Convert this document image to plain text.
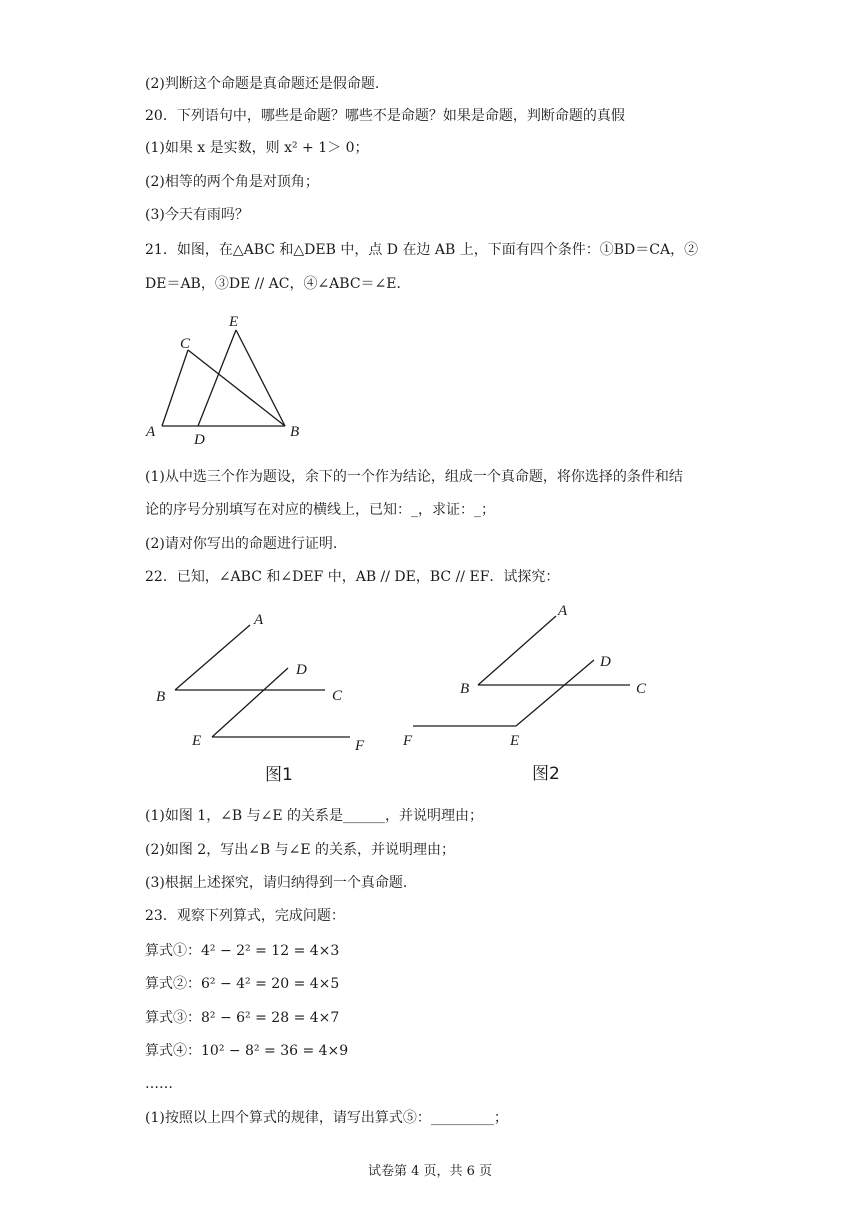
(2)判断这个命题是真命题还是假命题.
20．下列语句中，哪些是命题？哪些不是命题？如果是命题，判断命题的真假
(1)如果 x 是实数，则 x² + 1＞ 0；
(2)相等的两个角是对顶角；
(3)今天有雨吗？
21．如图，在△ABC 和△DEB 中，点 D 在边 AB 上，下面有四个条件：①BD＝CA，②
DE＝AB，③DE // AC，④∠ABC＝∠E．
A	B
C
D
E
(1)从中选三个作为题设，余下的一个作为结论，组成一个真命题，将你选择的条件和结
论的序号分别填写在对应的横线上，已知：_，求证：_；
(2)请对你写出的命题进行证明.
22．已知，∠ABC 和∠DEF 中，AB // DE，BC // EF．试探究：
A
B	C
D
E	F
图1
A
B	C
D
E
F
图2
(1)如图 1，∠B 与∠E 的关系是______，并说明理由；
(2)如图 2，写出∠B 与∠E 的关系，并说明理由；
(3)根据上述探究，请归纳得到一个真命题.
23．观察下列算式，完成问题：
算式①：4² − 2² = 12 = 4×3
算式②：6² − 4² = 20 = 4×5
算式③：8² − 6² = 28 = 4×7
算式④：10² − 8² = 36 = 4×9
……
(1)按照以上四个算式的规律，请写出算式⑤：_________；
试卷第 4 页，共 6 页
